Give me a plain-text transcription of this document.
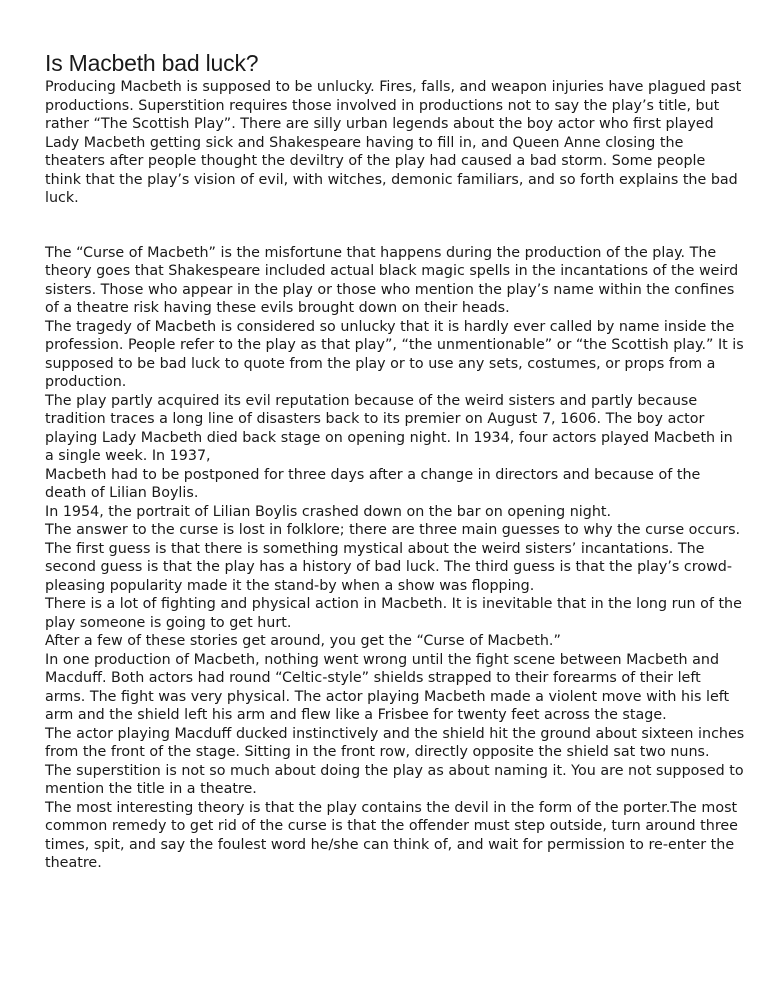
Is Macbeth bad luck?

Producing Macbeth is supposed to be unlucky. Fires, falls, and weapon injuries have plagued past productions. Superstition requires those involved in productions not to say the play’s title, but rather “The Scottish Play”. There are silly urban legends about the boy actor who first played Lady Macbeth getting sick and Shakespeare having to fill in, and Queen Anne closing the theaters after people thought the deviltry of the play had caused a bad storm. Some people think that the play’s vision of evil, with witches, demonic familiars, and so forth explains the bad luck.

The “Curse of Macbeth” is the misfortune that happens during the production of the play. The theory goes that Shakespeare included actual black magic spells in the incantations of the weird sisters. Those who appear in the play or those who mention the play’s name within the confines of a theatre risk having these evils brought down on their heads.

The tragedy of Macbeth is considered so unlucky that it is hardly ever called by name inside the profession. People refer to the play as that play”, “the unmentionable” or “the Scottish play.” It is supposed to be bad luck to quote from the play or to use any sets, costumes, or props from a production.

The play partly acquired its evil reputation because of the weird sisters and partly because tradition traces a long line of disasters back to its premier on August 7, 1606. The boy actor playing Lady Macbeth died back stage on opening night. In 1934, four actors played Macbeth in a single week. In 1937,

Macbeth had to be postponed for three days after a change in directors and because of the death of Lilian Boylis.

In 1954, the portrait of Lilian Boylis crashed down on the bar on opening night.

The answer to the curse is lost in folklore; there are three main guesses to why the curse occurs. The first guess is that there is something mystical about the weird sisters’ incantations. The second guess is that the play has a history of bad luck. The third guess is that the play’s crowd-pleasing popularity made it the stand-by when a show was flopping.

There is a lot of fighting and physical action in Macbeth. It is inevitable that in the long run of the play someone is going to get hurt.

After a few of these stories get around, you get the “Curse of Macbeth.”

In one production of Macbeth, nothing went wrong until the fight scene between Macbeth and Macduff. Both actors had round “Celtic-style” shields strapped to their forearms of their left arms. The fight was very physical. The actor playing Macbeth made a violent move with his left arm and the shield left his arm and flew like a Frisbee for twenty feet across the stage.

The actor playing Macduff ducked instinctively and the shield hit the ground about sixteen inches from the front of the stage. Sitting in the front row, directly opposite the shield sat two nuns.

The superstition is not so much about doing the play as about naming it. You are not supposed to mention the title in a theatre.

The most interesting theory is that the play contains the devil in the form of the porter.The most common remedy to get rid of the curse is that the offender must step outside, turn around three times, spit, and say the foulest word he/she can think of, and wait for permission to re-enter the theatre.
